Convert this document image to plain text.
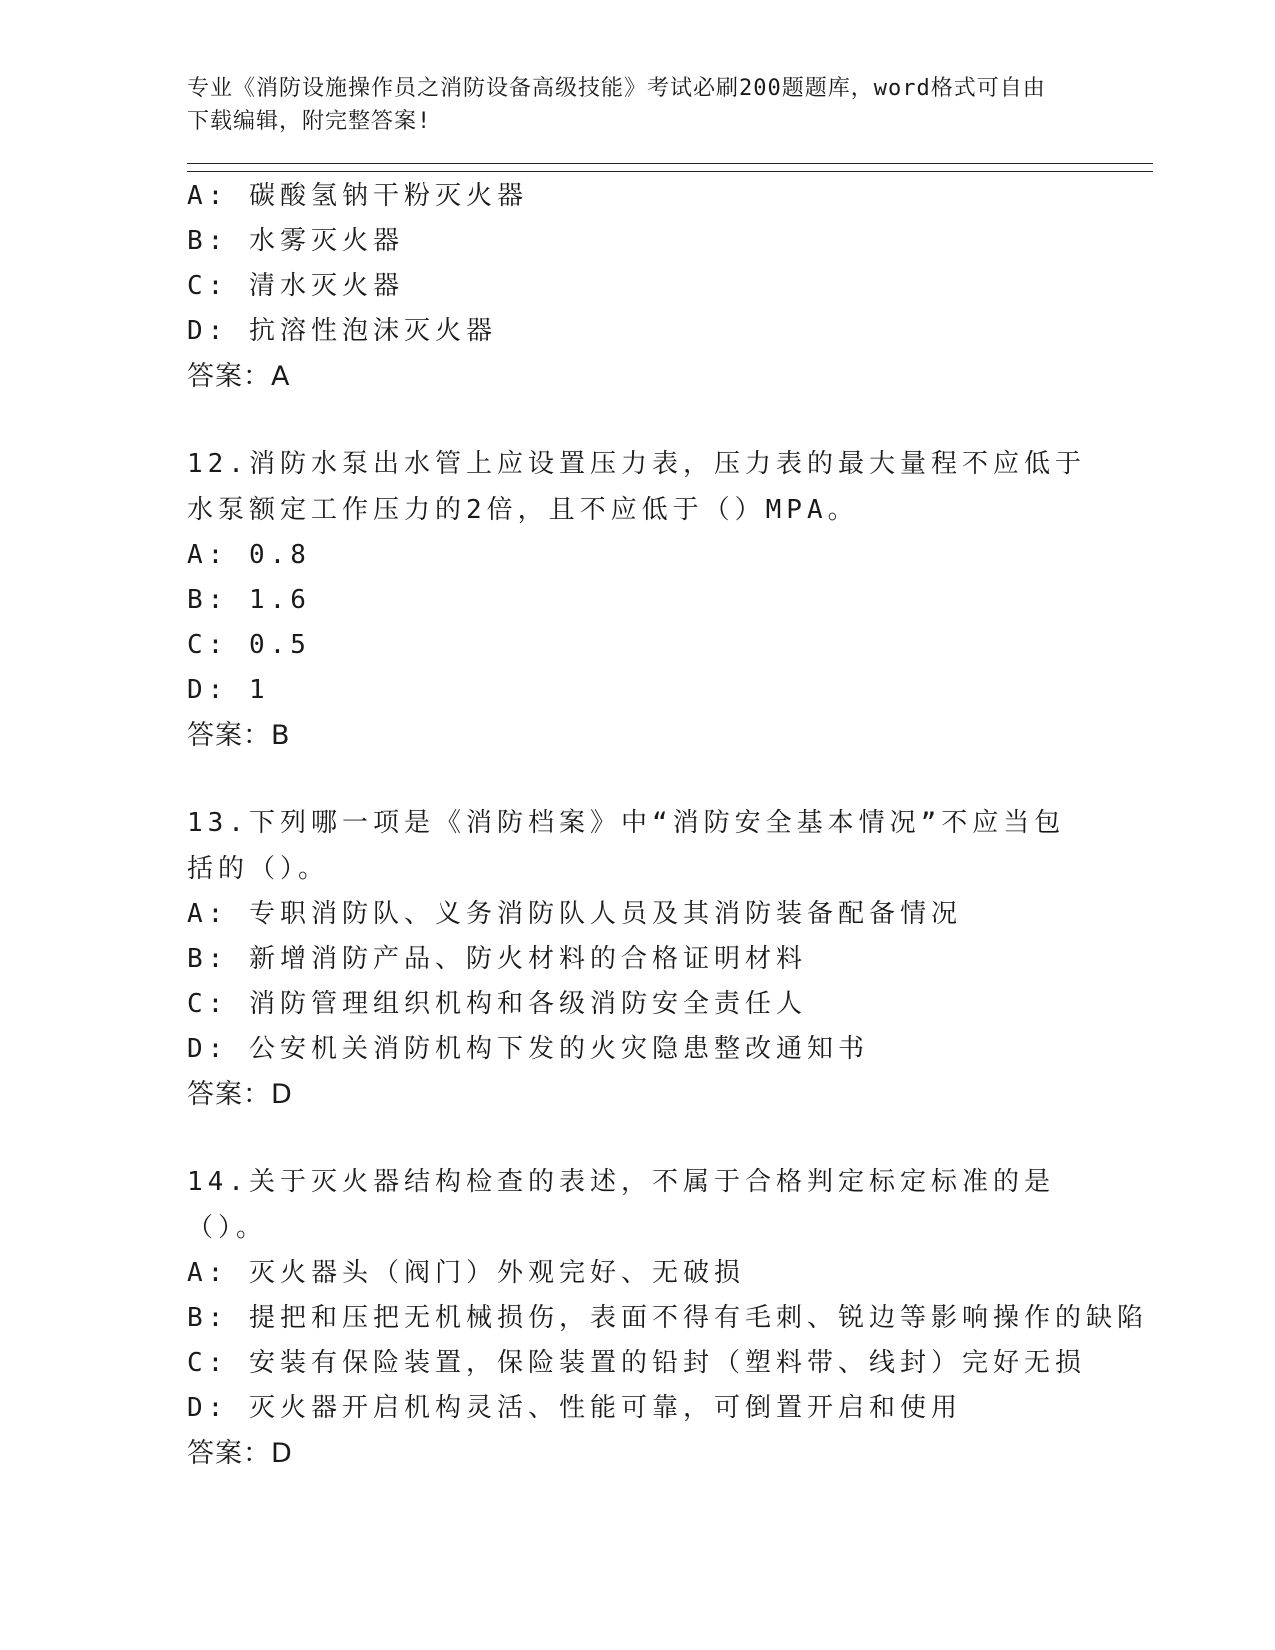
专业《消防设施操作员之消防设备高级技能》考试必刷200题题库，word格式可自由下载编辑，附完整答案!

A: 碳酸氢钠干粉灭火器

B: 水雾灭火器

C: 清水灭火器

D: 抗溶性泡沫灭火器

答案：A

12.消防水泵出水管上应设置压力表，压力表的最大量程不应低于水泵额定工作压力的2倍，且不应低于（）MPA。

A: 0.8

B: 1.6

C: 0.5

D: 1

答案：B

13.下列哪一项是《消防档案》中“消防安全基本情况”不应当包括的（）。

A: 专职消防队、义务消防队人员及其消防装备配备情况

B: 新增消防产品、防火材料的合格证明材料

C: 消防管理组织机构和各级消防安全责任人

D: 公安机关消防机构下发的火灾隐患整改通知书

答案：D

14.关于灭火器结构检查的表述，不属于合格判定标定标准的是（）。

A: 灭火器头（阀门）外观完好、无破损

B: 提把和压把无机械损伤，表面不得有毛刺、锐边等影响操作的缺陷

C: 安装有保险装置，保险装置的铅封（塑料带、线封）完好无损

D: 灭火器开启机构灵活、性能可靠，可倒置开启和使用

答案：D
